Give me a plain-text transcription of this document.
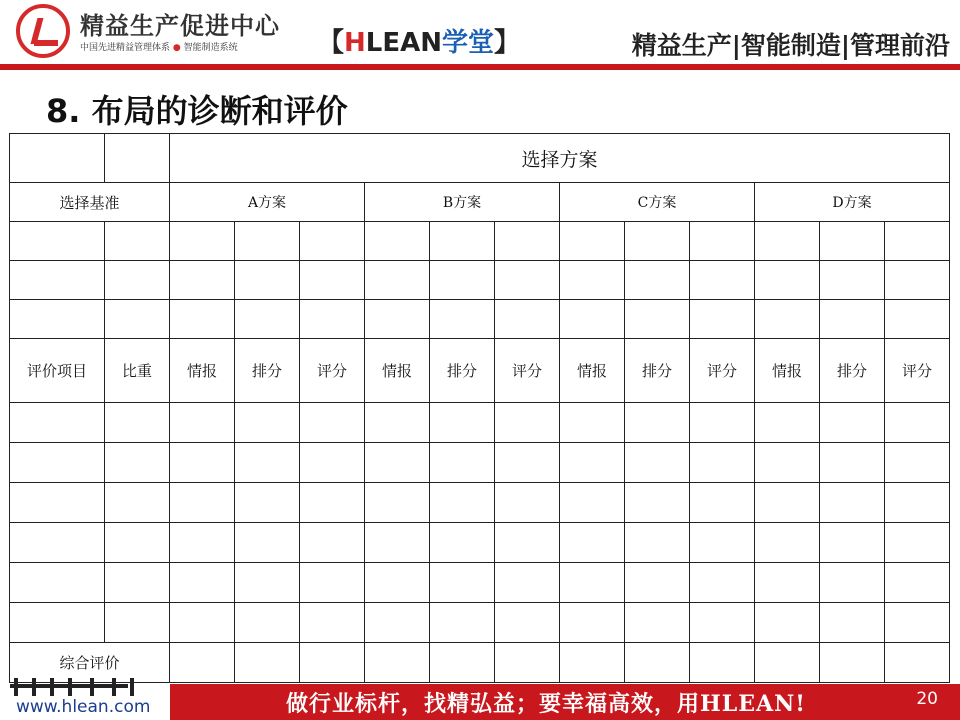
精益生产促进中心
中国先进精益管理体系 ● 智能制造系统	【HLEAN学堂】	精益生产|智能制造|管理前沿
8. 布局的诊断和评价
		选择方案											
选择基准		A方案			B方案			C方案			D方案		

评价项目	比重	情报	排分	评分	情报	排分	评分	情报	排分	评分	情报	排分	评分

综合评价													
www.hlean.com	做行业标杆，找精弘益；要幸福高效，用HLEAN!	20
